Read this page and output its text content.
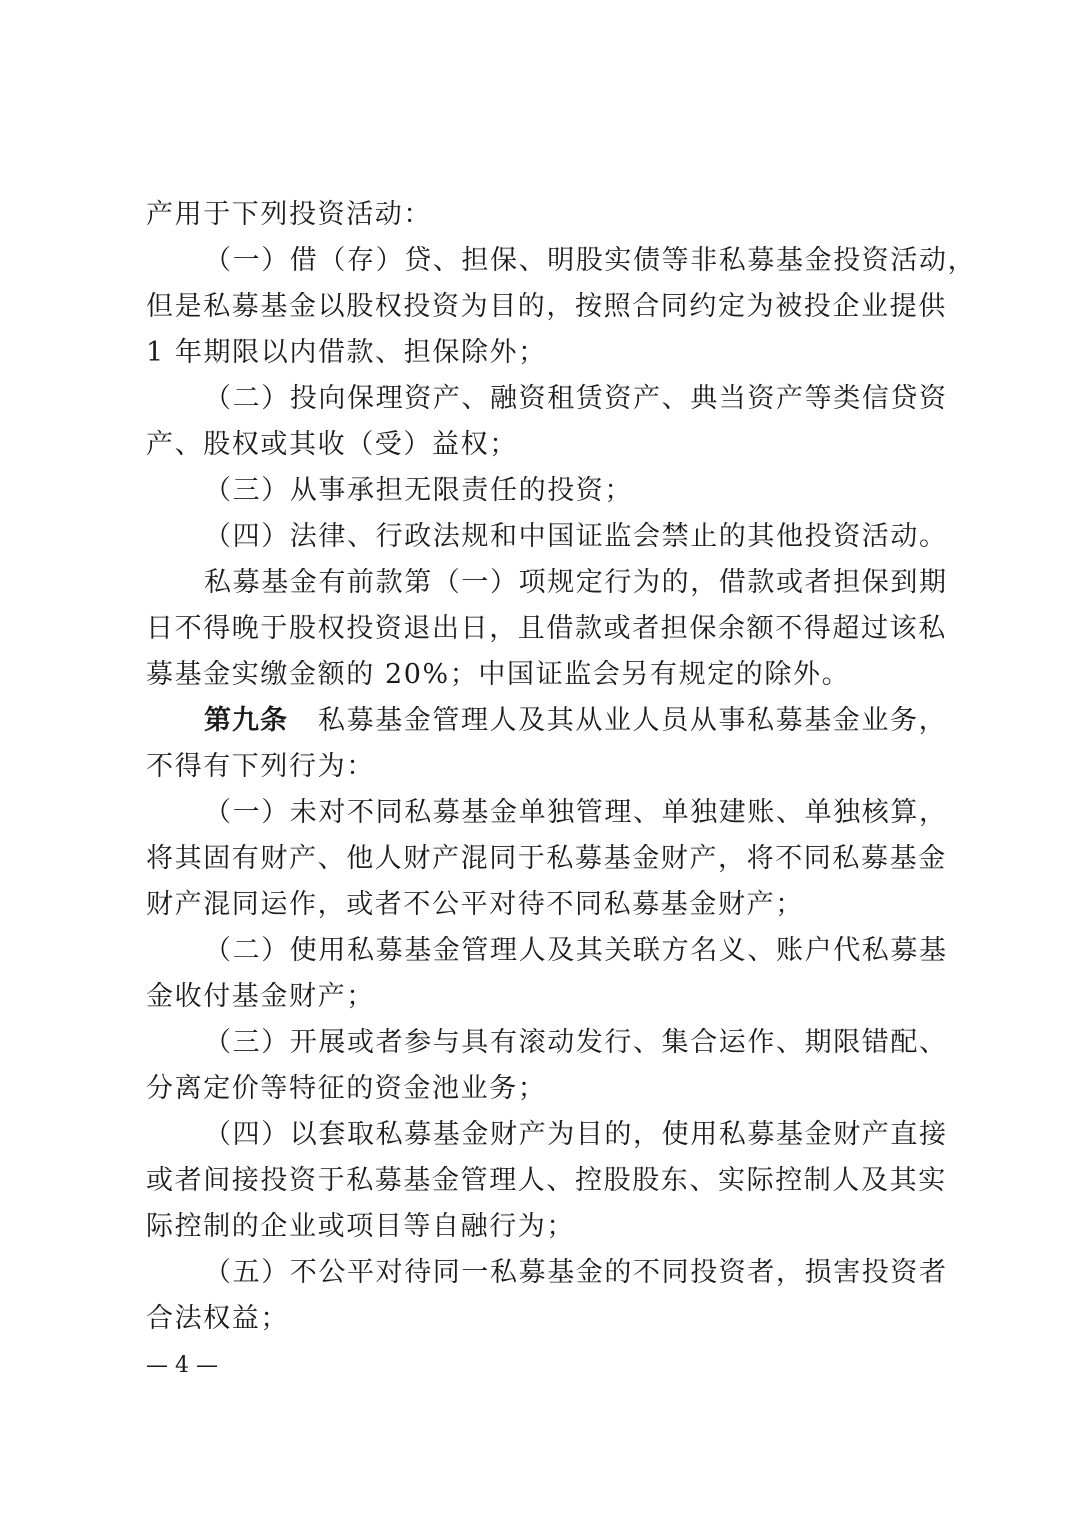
产用于下列投资活动：
（一）借（存）贷、担保、明股实债等非私募基金投资活动，
但是私募基金以股权投资为目的，按照合同约定为被投企业提供
1 年期限以内借款、担保除外；
（二）投向保理资产、融资租赁资产、典当资产等类信贷资
产、股权或其收（受）益权；
（三）从事承担无限责任的投资；
（四）法律、行政法规和中国证监会禁止的其他投资活动。
私募基金有前款第（一）项规定行为的，借款或者担保到期
日不得晚于股权投资退出日，且借款或者担保余额不得超过该私
募基金实缴金额的 20%；中国证监会另有规定的除外。
第九条 私募基金管理人及其从业人员从事私募基金业务，
不得有下列行为：
（一）未对不同私募基金单独管理、单独建账、单独核算，
将其固有财产、他人财产混同于私募基金财产，将不同私募基金
财产混同运作，或者不公平对待不同私募基金财产；
（二）使用私募基金管理人及其关联方名义、账户代私募基
金收付基金财产；
（三）开展或者参与具有滚动发行、集合运作、期限错配、
分离定价等特征的资金池业务；
（四）以套取私募基金财产为目的，使用私募基金财产直接
或者间接投资于私募基金管理人、控股股东、实际控制人及其实
际控制的企业或项目等自融行为；
（五）不公平对待同一私募基金的不同投资者，损害投资者
合法权益；
— 4 —
